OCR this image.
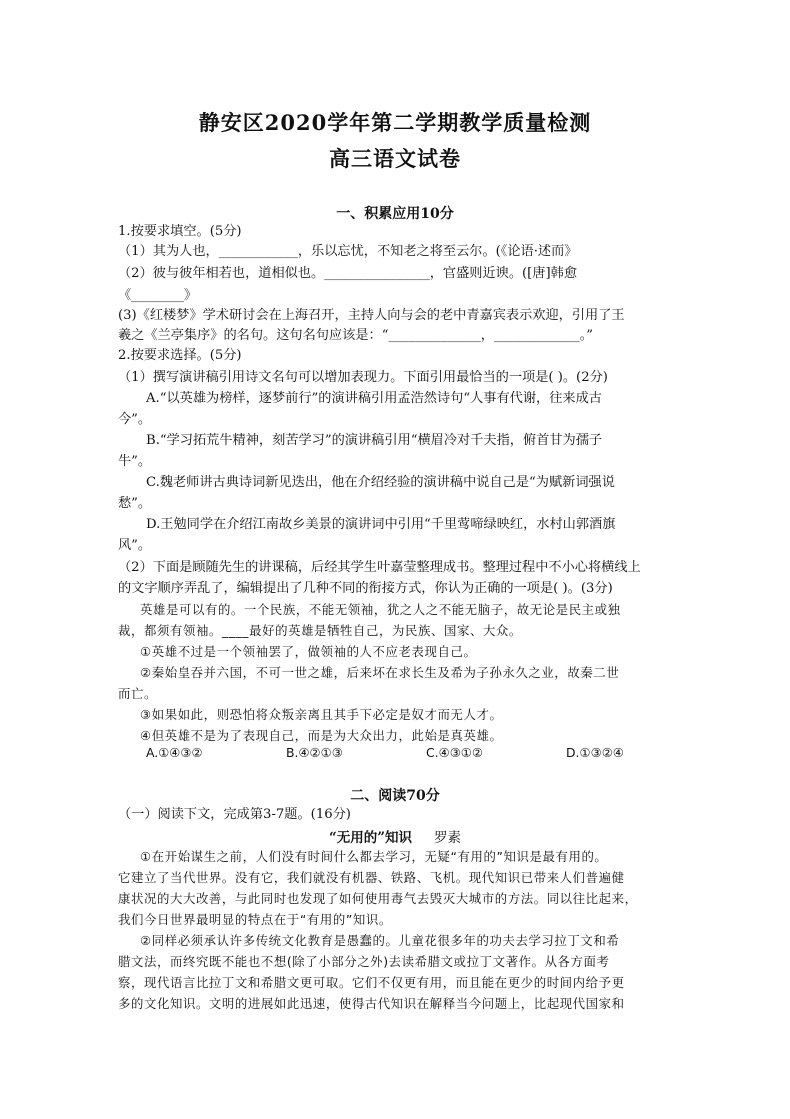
静安区2020学年第二学期教学质量检测
高三语文试卷
一、积累应用10分
1.按要求填空。(5分)
（1）其为人也，____________，乐以忘忧，不知老之将至云尔。(《论语·述而》
（2）彼与彼年相若也，道相似也。________________，官盛则近谀。([唐]韩愈
《________》
(3)《红楼梦》学术研讨会在上海召开，主持人向与会的老中青嘉宾表示欢迎，引用了王
羲之《兰亭集序》的名句。这句名句应该是：“______________，_____________。”
2.按要求选择。(5分)
（1）撰写演讲稿引用诗文名句可以增加表现力。下面引用最恰当的一项是( )。(2分)
A.“以英雄为榜样，逐梦前行”的演讲稿引用孟浩然诗句“人事有代谢，往来成古
今”。
B.“学习拓荒牛精神，刻苦学习”的演讲稿引用“横眉冷对千夫指，俯首甘为孺子
牛”。
C.魏老师讲古典诗词新见迭出，他在介绍经验的演讲稿中说自己是“为赋新词强说
愁”。
D.王勉同学在介绍江南故乡美景的演讲词中引用“千里莺啼绿映红，水村山郭酒旗
风”。
（2）下面是顾随先生的讲课稿，后经其学生叶嘉莹整理成书。整理过程中不小心将横线上
的文字顺序弄乱了，编辑提出了几种不同的衔接方式，你认为正确的一项是( )。(3分)
英雄是可以有的。一个民族，不能无领袖，犹之人之不能无脑子，故无论是民主或独
裁，都须有领袖。____最好的英雄是牺牲自己，为民族、国家、大众。
①英雄不过是一个领袖罢了，做领袖的人不应老表现自己。
②秦始皇吞并六国，不可一世之雄，后来坏在求长生及希为子孙永久之业，故秦二世
而亡。
③如果如此，则恐怕将众叛亲离且其手下必定是奴才而无人才。
④但英雄不是为了表现自己，而是为大众出力，此始是真英雄。
A.①④③②	B.④②①③	C.④③①②	D.①③②④
二、阅读70分
（一）阅读下文，完成第3-7题。(16分)
“无用的”知识 罗素
①在开始谋生之前，人们没有时间什么都去学习，无疑“有用的”知识是最有用的。
它建立了当代世界。没有它，我们就没有机器、铁路、飞机。现代知识已带来人们普遍健
康状况的大大改善，与此同时也发现了如何使用毒气去毁灭大城市的方法。同以往比起来，
我们今日世界最明显的特点在于“有用的”知识。
②同样必须承认许多传统文化教育是愚蠢的。儿童花很多年的功夫去学习拉丁文和希
腊文法，而终究既不能也不想(除了小部分之外)去读希腊文或拉丁文著作。从各方面考
察，现代语言比拉丁文和希腊文更可取。它们不仅更有用，而且能在更少的时间内给予更
多的文化知识。文明的进展如此迅速，使得古代知识在解释当今问题上，比起现代国家和
